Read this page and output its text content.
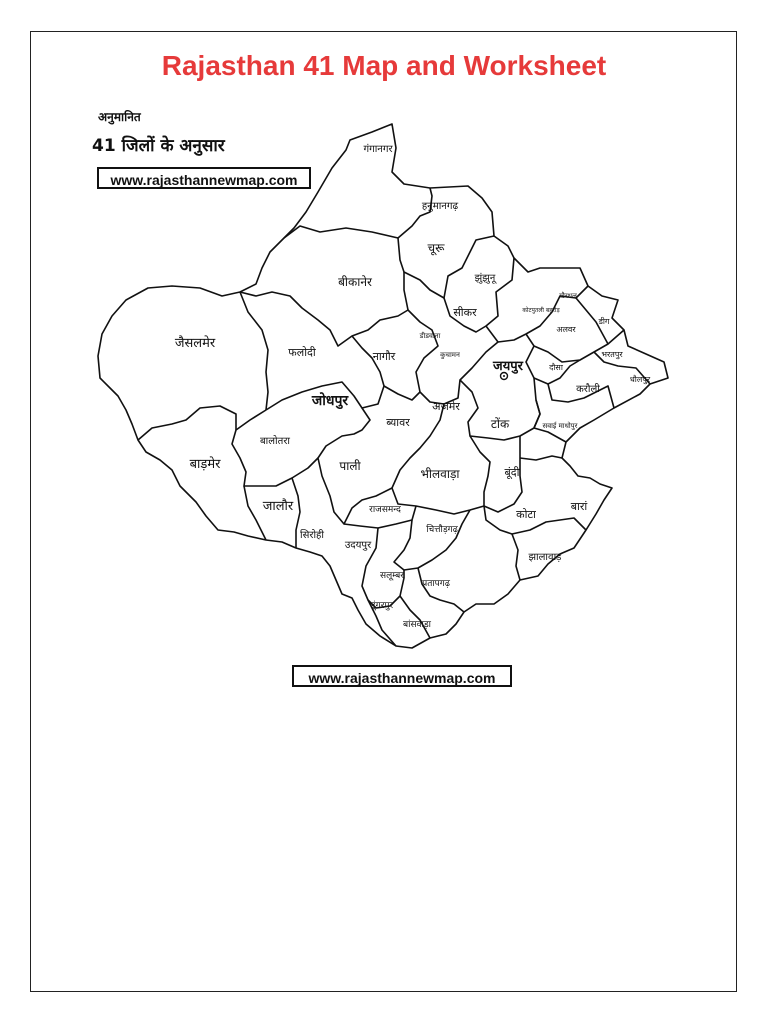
Rajasthan 41 Map and Worksheet
अनुमानित
41 जिलों के अनुसार	गंगानगर
हनुमानगढ़
चूरू
बीकानेर	झुंझुनू
सीकर
जैसलमेर
फलोदी	नागौर
डीडवाना
कुचामन
जयपुर
खैरथल
कोटपुतली बहरोड़
अलवर
डीग
भरतपुर
दौसा
करौली
धौलपुर
जोधपुर
ब्यावर
अजमेर
टोंक	सवाई माधोपुर
बालोतरा
बाड़मेर	पाली
भीलवाड़ा	बूंदी
जालौर
सिरोही
राजसमन्द
चित्तौड़गढ़
कोटा
बारां
उदयपुर
झालावाड़
सलूम्बर
प्रतापगढ़
डूंगरपुर
बांसवाड़ा
www.rajasthannewmap.com
www.rajasthannewmap.com
